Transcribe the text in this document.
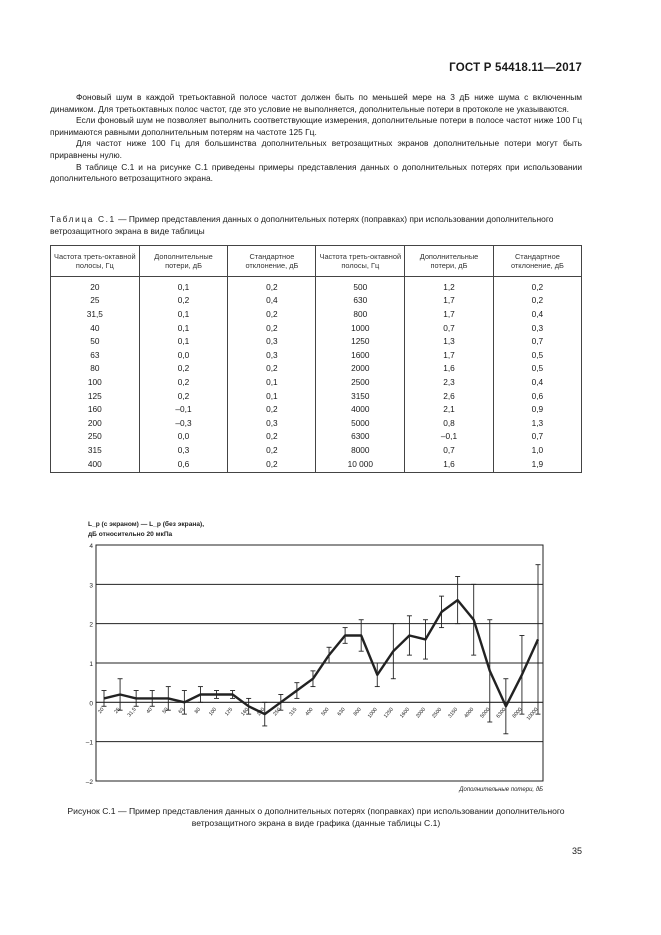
ГОСТ Р 54418.11—2017

Фоновый шум в каждой третьоктавной полосе частот должен быть по меньшей мере на 3 дБ ниже шума с включенным динамиком. Для третьоктавных полос частот, где это условие не выполняется, дополнительные потери в протоколе не указываются.

Если фоновый шум не позволяет выполнить соответствующие измерения, дополнительные потери в полосе частот ниже 100 Гц принимаются равными дополнительным потерям на частоте 125 Гц.

Для частот ниже 100 Гц для большинства дополнительных ветрозащитных экранов дополнительные потери могут быть приравнены нулю.

В таблице С.1 и на рисунке С.1 приведены примеры представления данных о дополнительных потерях при использовании дополнительного ветрозащитного экрана.

Таблица С.1 — Пример представления данных о дополнительных потерях (поправках) при использовании дополнительного ветрозащитного экрана в виде таблицы
Частота треть-октавной полосы, Гц	Дополнительные потери, дБ	Стандартное отклонение, дБ	Частота треть-октавной полосы, Гц	Дополнительные потери, дБ	Стандартное отклонение, дБ
20	0,1	0,2	500	1,2	0,2
25	0,2	0,4	630	1,7	0,2
31,5	0,1	0,2	800	1,7	0,4
40	0,1	0,2	1000	0,7	0,3
50	0,1	0,3	1250	1,3	0,7
63	0,0	0,3	1600	1,7	0,5
80	0,2	0,2	2000	1,6	0,5
100	0,2	0,1	2500	2,3	0,4
125	0,2	0,1	3150	2,6	0,6
160	–0,1	0,2	4000	2,1	0,9
200	–0,3	0,3	5000	0,8	1,3
250	0,0	0,2	6300	–0,1	0,7
315	0,3	0,2	8000	0,7	1,0
400	0,6	0,2	10 000	1,6	1,9
4
3
2
1
0
–1
–2
L_p (с экраном) — L_p (без экрана),
дБ относительно 20 мкПа
Дополнительные потери, дБ
20 25 31,5 40 50 63 80 100 125 160 200 250 315 400 500 630 800 1000 1250 1600 2000 2500 3150 4000 5000 6300 8000 10000
Рисунок С.1 — Пример представления данных о дополнительных потерях (поправках) при использовании дополнительного ветрозащитного экрана в виде графика (данные таблицы С.1)
35
